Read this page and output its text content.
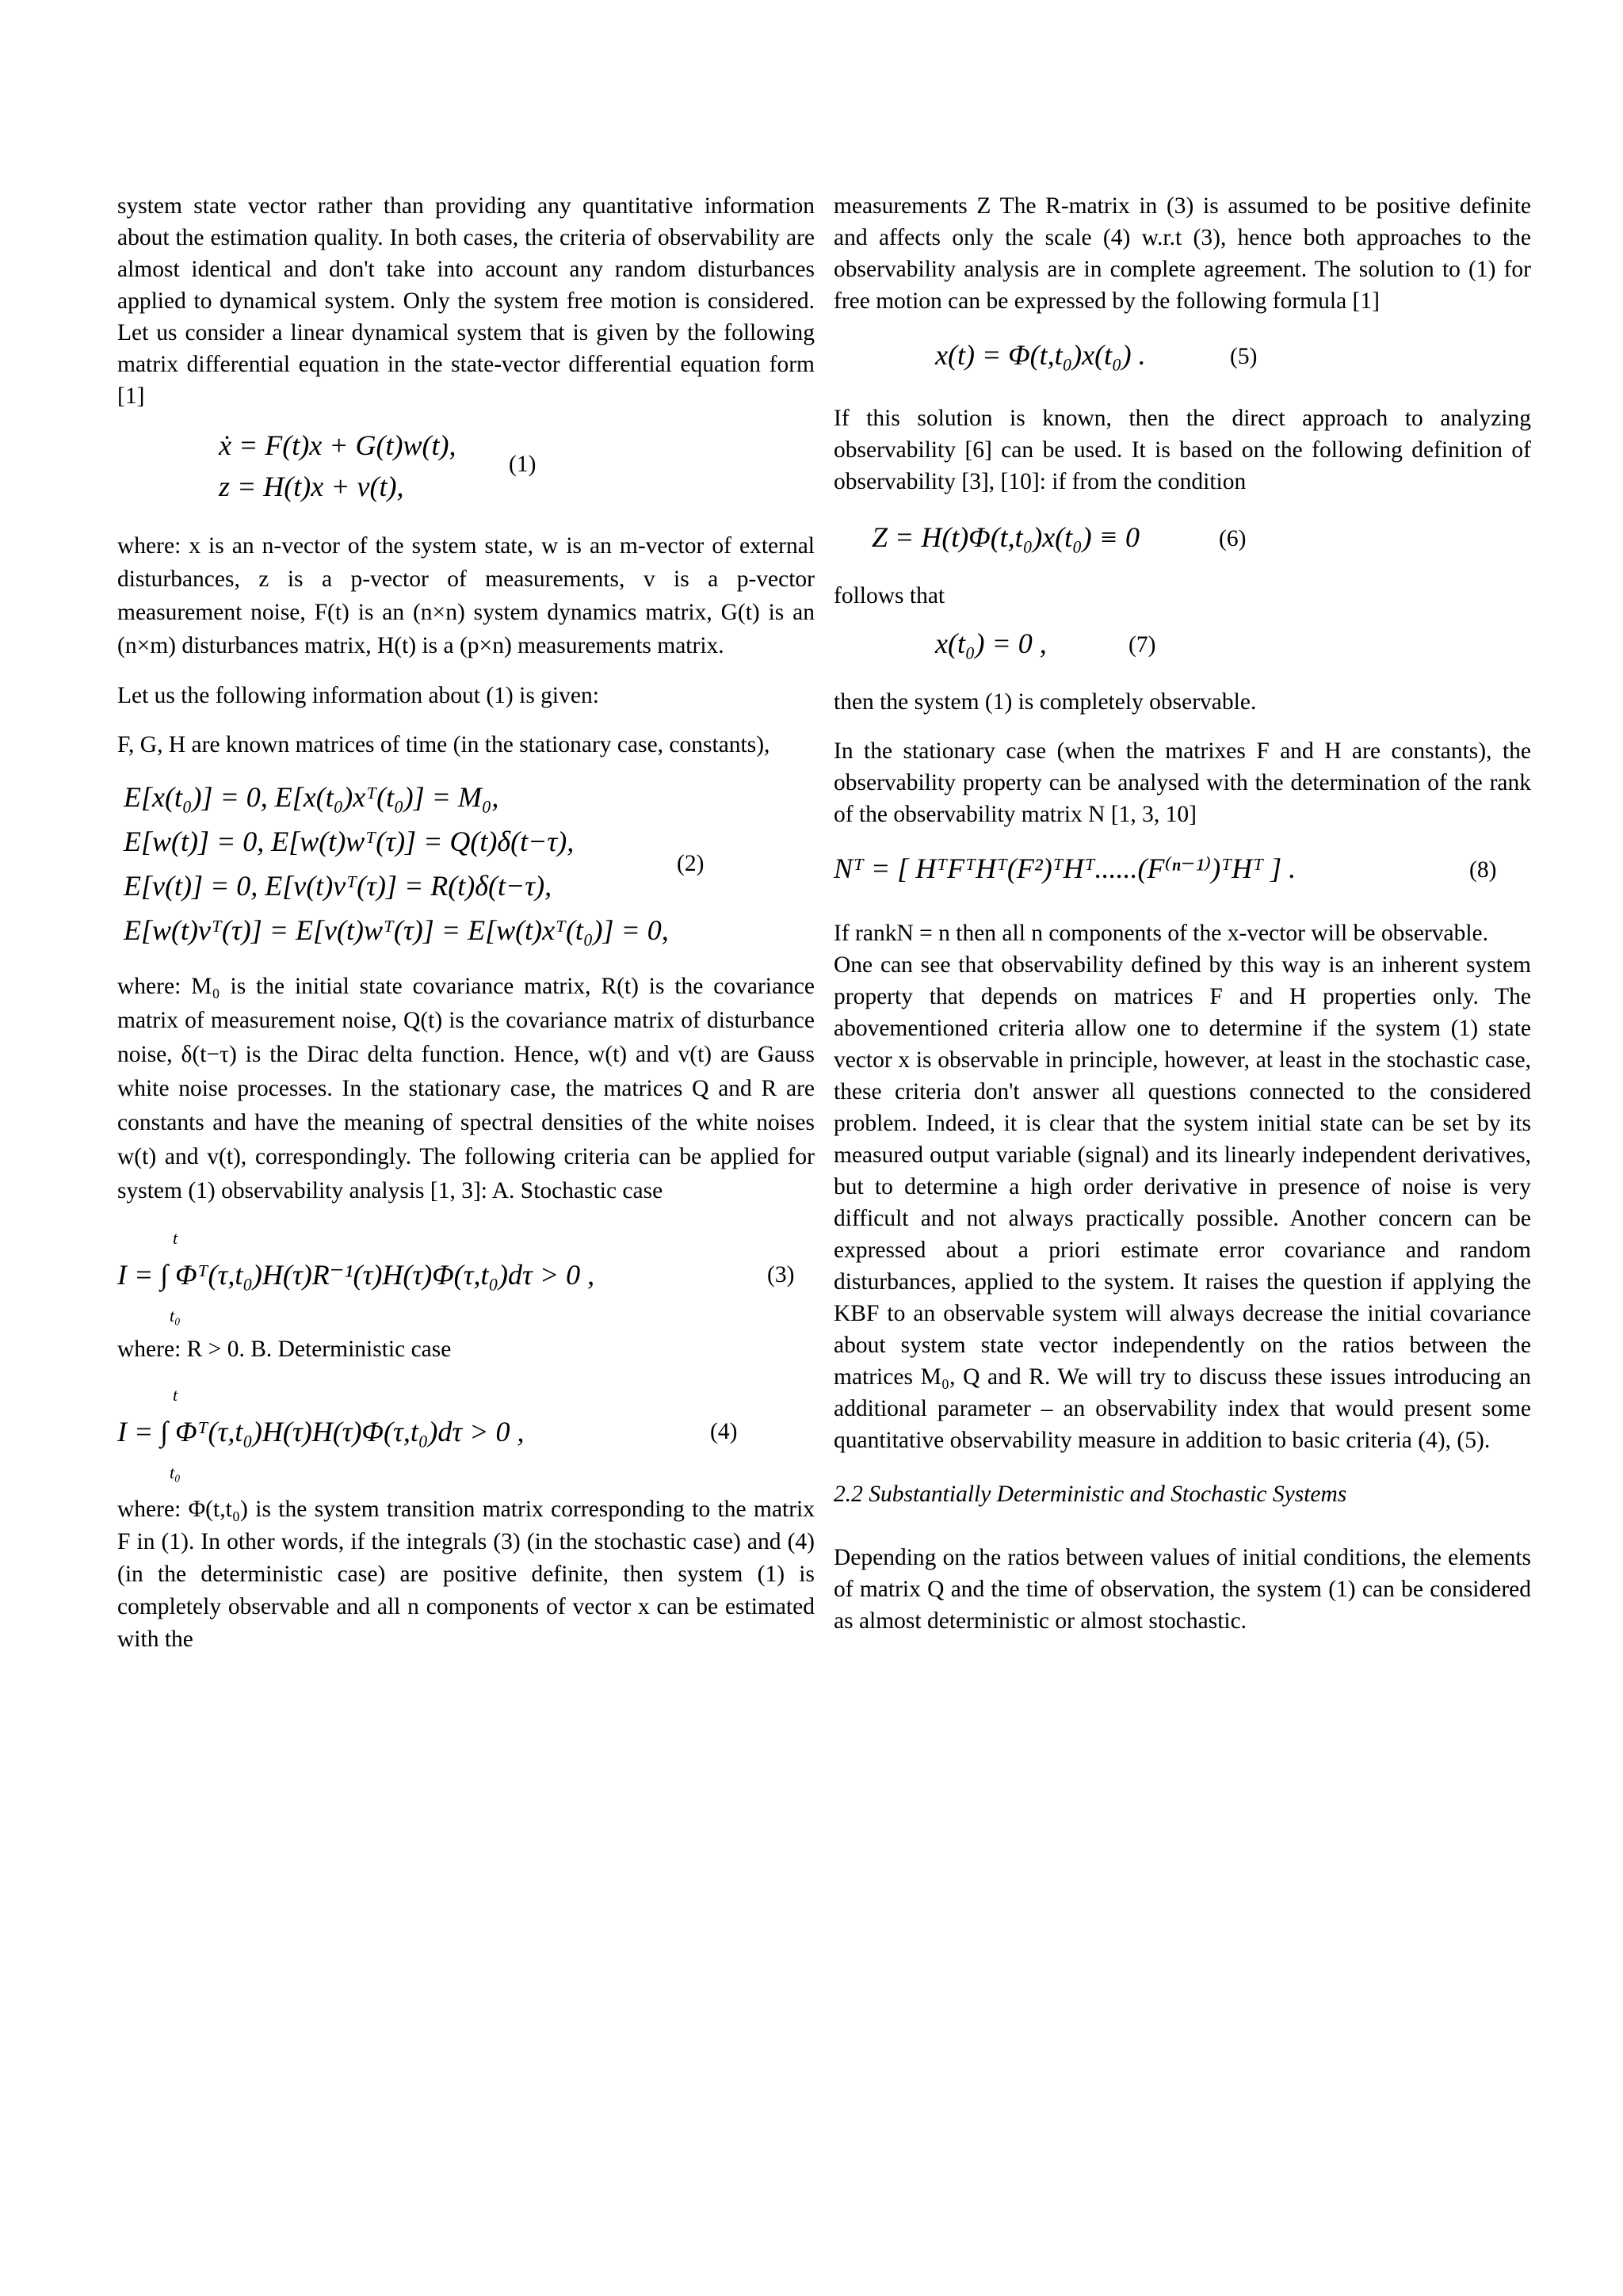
system state vector rather than providing any quantitative information about the estimation quality. In both cases, the criteria of observability are almost identical and don't take into account any random disturbances applied to dynamical system. Only the system free motion is considered. Let us consider a linear dynamical system that is given by the following matrix differential equation in the state-vector differential equation form [1]

ẋ = F(t)x + G(t)w(t),
z = H(t)x + v(t),
(1)

where: x is an n-vector of the system state, w is an m-vector of external disturbances, z is a p-vector of measurements, v is a p-vector measurement noise, F(t) is an (n×n) system dynamics matrix, G(t) is an (n×m) disturbances matrix, H(t) is a (p×n) measurements matrix.

Let us the following information about (1) is given:

F, G, H are known matrices of time (in the stationary case, constants),

E[x(t₀)] = 0, E[x(t₀)xᵀ(t₀)] = M₀,
E[w(t)] = 0, E[w(t)wᵀ(τ)] = Q(t)δ(t−τ),
E[v(t)] = 0, E[v(t)vᵀ(τ)] = R(t)δ(t−τ),
E[w(t)vᵀ(τ)] = E[v(t)wᵀ(τ)] = E[w(t)xᵀ(t₀)] = 0,
(2)

where: M₀ is the initial state covariance matrix, R(t) is the covariance matrix of measurement noise, Q(t) is the covariance matrix of disturbance noise, δ(t−τ) is the Dirac delta function. Hence, w(t) and v(t) are Gauss white noise processes. In the stationary case, the matrices Q and R are constants and have the meaning of spectral densities of the white noises w(t) and v(t), correspondingly. The following criteria can be applied for system (1) observability analysis [1, 3]: A. Stochastic case

t
I = ∫ Φᵀ(τ,t₀)H(τ)R⁻¹(τ)H(τ)Φ(τ,t₀)dτ > 0 ,
t₀
(3)

where: R > 0. B. Deterministic case

t
I = ∫ Φᵀ(τ,t₀)H(τ)H(τ)Φ(τ,t₀)dτ > 0 ,
t₀
(4)

where: Φ(t,t₀) is the system transition matrix corresponding to the matrix F in (1). In other words, if the integrals (3) (in the stochastic case) and (4) (in the deterministic case) are positive definite, then system (1) is completely observable and all n components of vector x can be estimated with the

measurements Z The R-matrix in (3) is assumed to be positive definite and affects only the scale (4) w.r.t (3), hence both approaches to the observability analysis are in complete agreement. The solution to (1) for free motion can be expressed by the following formula [1]

x(t) = Φ(t,t₀)x(t₀) .	(5)

If this solution is known, then the direct approach to analyzing observability [6] can be used. It is based on the following definition of observability [3], [10]: if from the condition

Z = H(t)Φ(t,t₀)x(t₀) ≡ 0	(6)

follows that

x(t₀) = 0 ,	(7)

then the system (1) is completely observable.

In the stationary case (when the matrixes F and H are constants), the observability property can be analysed with the determination of the rank of the observability matrix N [1, 3, 10]

Nᵀ = [ HᵀFᵀHᵀ(F²)ᵀHᵀ......(F⁽ⁿ⁻¹⁾)ᵀHᵀ ] .	(8)

If rankN = n then all n components of the x-vector will be observable.

One can see that observability defined by this way is an inherent system property that depends on matrices F and H properties only. The abovementioned criteria allow one to determine if the system (1) state vector x is observable in principle, however, at least in the stochastic case, these criteria don't answer all questions connected to the considered problem. Indeed, it is clear that the system initial state can be set by its measured output variable (signal) and its linearly independent derivatives, but to determine a high order derivative in presence of noise is very difficult and not always practically possible. Another concern can be expressed about a priori estimate error covariance and random disturbances, applied to the system. It raises the question if applying the KBF to an observable system will always decrease the initial covariance about system state vector independently on the ratios between the matrices M₀, Q and R. We will try to discuss these issues introducing an additional parameter – an observability index that would present some quantitative observability measure in addition to basic criteria (4), (5).

2.2 Substantially Deterministic and Stochastic Systems

Depending on the ratios between values of initial conditions, the elements of matrix Q and the time of observation, the system (1) can be considered as almost deterministic or almost stochastic.
